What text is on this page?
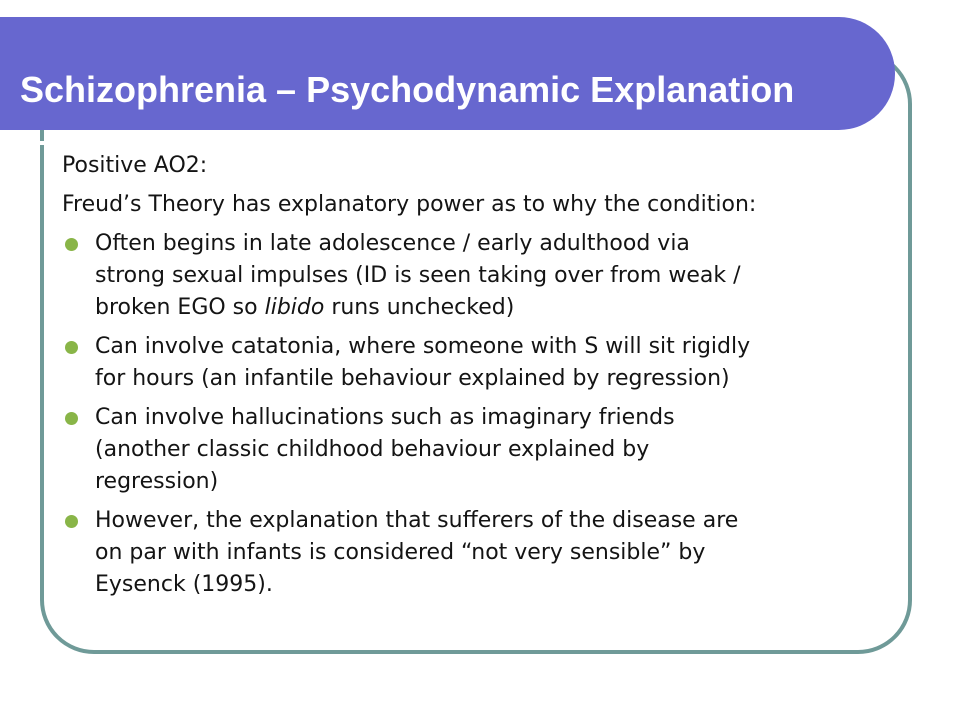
Schizophrenia – Psychodynamic Explanation

Positive AO2:

Freud’s Theory has explanatory power as to why the condition:

Often begins in late adolescence / early adulthood via
strong sexual impulses (ID is seen taking over from weak /
broken EGO so libido runs unchecked)
Can involve catatonia, where someone with S will sit rigidly
for hours (an infantile behaviour explained by regression)
Can involve hallucinations such as imaginary friends
(another classic childhood behaviour explained by
regression)
However, the explanation that sufferers of the disease are
on par with infants is considered “not very sensible” by
Eysenck (1995).
